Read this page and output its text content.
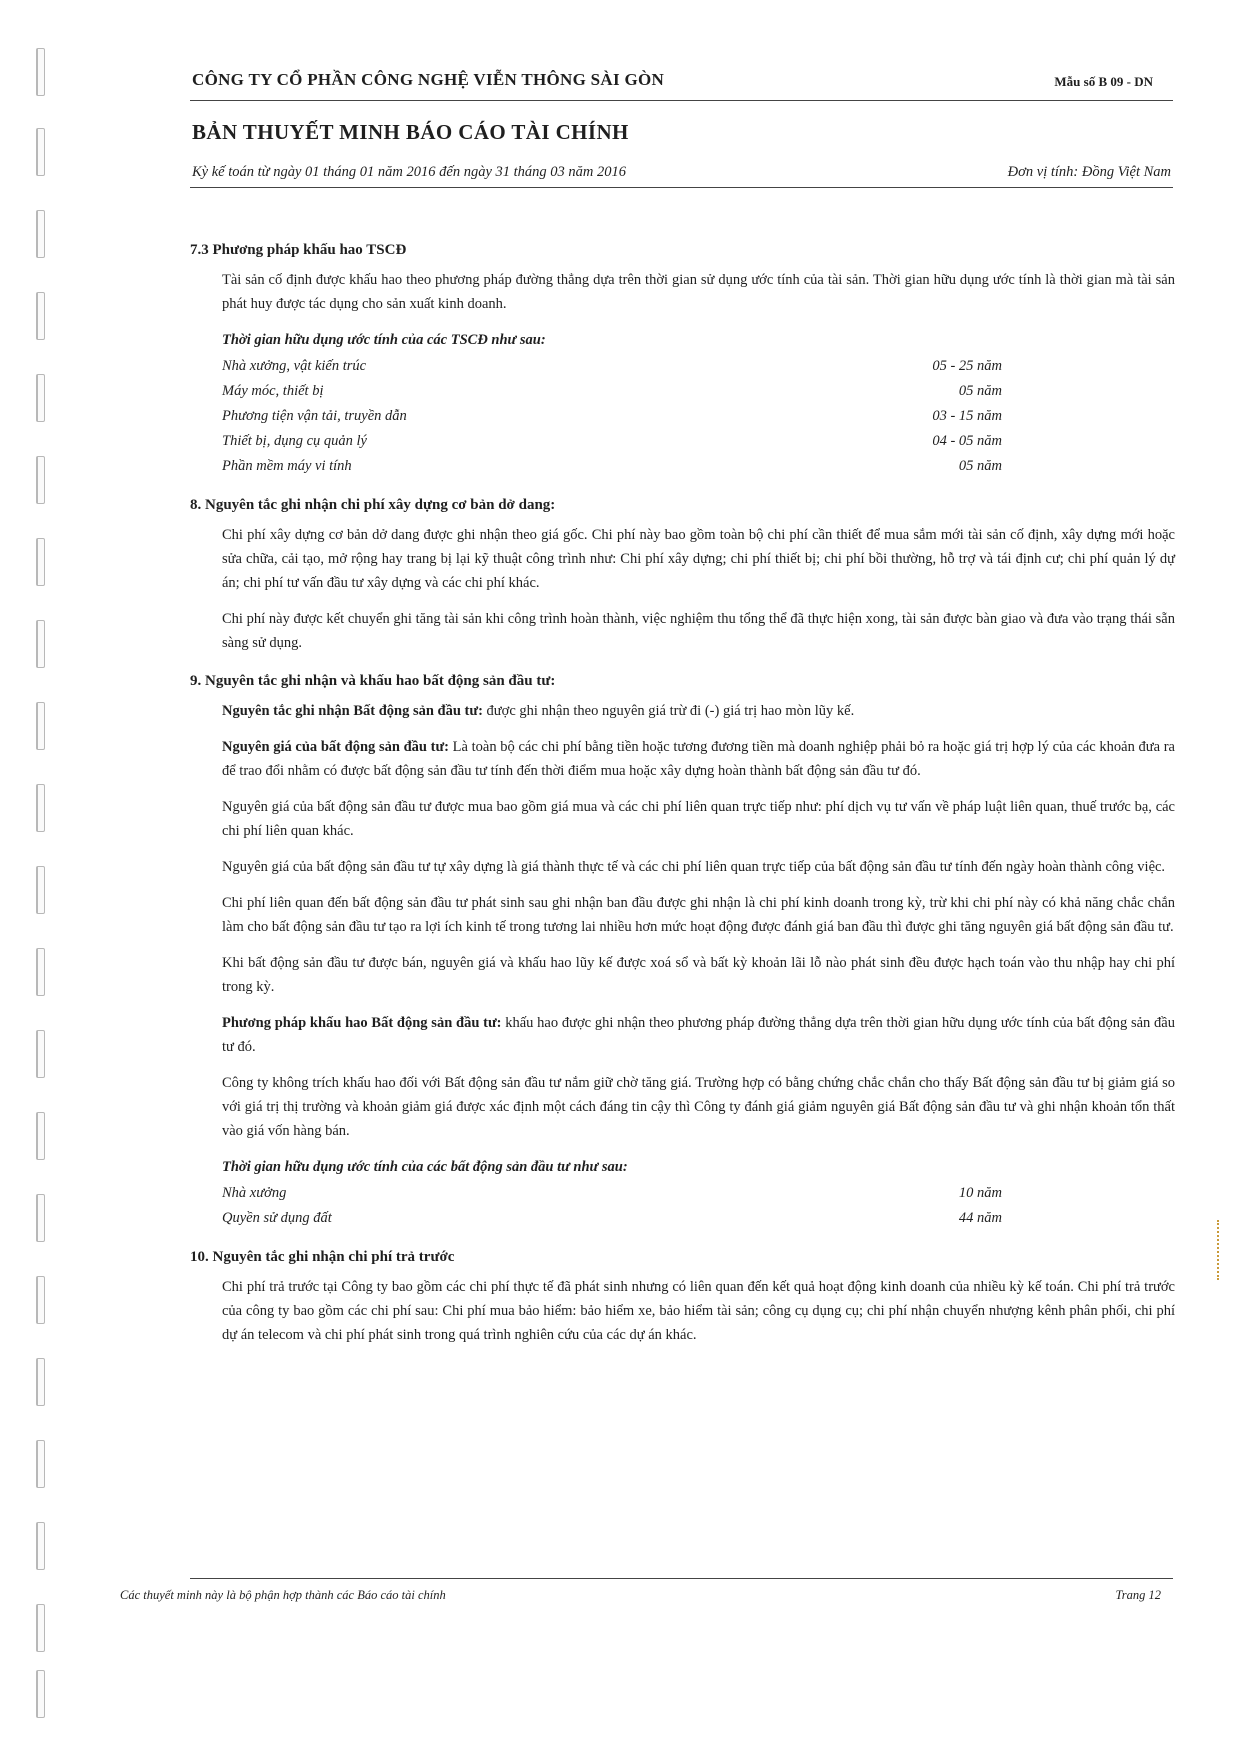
CÔNG TY CỔ PHẦN CÔNG NGHỆ VIỄN THÔNG SÀI GÒN	Mẫu số B 09 - DN
BẢN THUYẾT MINH BÁO CÁO TÀI CHÍNH
Kỳ kế toán từ ngày 01 tháng 01 năm 2016 đến ngày 31 tháng 03 năm 2016	Đơn vị tính: Đồng Việt Nam
7.3 Phương pháp khấu hao TSCĐ
Tài sản cố định được khấu hao theo phương pháp đường thẳng dựa trên thời gian sử dụng ước tính của tài sản. Thời gian hữu dụng ước tính là thời gian mà tài sản phát huy được tác dụng cho sản xuất kinh doanh.
Thời gian hữu dụng ước tính của các TSCĐ như sau:
Nhà xưởng, vật kiến trúc	05 - 25 năm
Máy móc, thiết bị	05 năm
Phương tiện vận tải, truyền dẫn	03 - 15 năm
Thiết bị, dụng cụ quản lý	04 - 05 năm
Phần mềm máy vi tính	05 năm
8. Nguyên tắc ghi nhận chi phí xây dựng cơ bản dở dang:
Chi phí xây dựng cơ bản dở dang được ghi nhận theo giá gốc. Chi phí này bao gồm toàn bộ chi phí cần thiết để mua sắm mới tài sản cố định, xây dựng mới hoặc sửa chữa, cải tạo, mở rộng hay trang bị lại kỹ thuật công trình như: Chi phí xây dựng; chi phí thiết bị; chi phí bồi thường, hỗ trợ và tái định cư; chi phí quản lý dự án; chi phí tư vấn đầu tư xây dựng và các chi phí khác.
Chi phí này được kết chuyển ghi tăng tài sản khi công trình hoàn thành, việc nghiệm thu tổng thể đã thực hiện xong, tài sản được bàn giao và đưa vào trạng thái sẵn sàng sử dụng.
9. Nguyên tắc ghi nhận và khấu hao bất động sản đầu tư:
Nguyên tắc ghi nhận Bất động sản đầu tư: được ghi nhận theo nguyên giá trừ đi (-) giá trị hao mòn lũy kế.
Nguyên giá của bất động sản đầu tư: Là toàn bộ các chi phí bằng tiền hoặc tương đương tiền mà doanh nghiệp phải bỏ ra hoặc giá trị hợp lý của các khoản đưa ra để trao đổi nhằm có được bất động sản đầu tư tính đến thời điểm mua hoặc xây dựng hoàn thành bất động sản đầu tư đó.
Nguyên giá của bất động sản đầu tư được mua bao gồm giá mua và các chi phí liên quan trực tiếp như: phí dịch vụ tư vấn về pháp luật liên quan, thuế trước bạ, các chi phí liên quan khác.
Nguyên giá của bất động sản đầu tư tự xây dựng là giá thành thực tế và các chi phí liên quan trực tiếp của bất động sản đầu tư tính đến ngày hoàn thành công việc.
Chi phí liên quan đến bất động sản đầu tư phát sinh sau ghi nhận ban đầu được ghi nhận là chi phí kinh doanh trong kỳ, trừ khi chi phí này có khả năng chắc chắn làm cho bất động sản đầu tư tạo ra lợi ích kinh tế trong tương lai nhiều hơn mức hoạt động được đánh giá ban đầu thì được ghi tăng nguyên giá bất động sản đầu tư.
Khi bất động sản đầu tư được bán, nguyên giá và khấu hao lũy kế được xoá sổ và bất kỳ khoản lãi lỗ nào phát sinh đều được hạch toán vào thu nhập hay chi phí trong kỳ.
Phương pháp khấu hao Bất động sản đầu tư: khấu hao được ghi nhận theo phương pháp đường thẳng dựa trên thời gian hữu dụng ước tính của bất động sản đầu tư đó.
Công ty không trích khấu hao đối với Bất động sản đầu tư nắm giữ chờ tăng giá. Trường hợp có bằng chứng chắc chắn cho thấy Bất động sản đầu tư bị giảm giá so với giá trị thị trường và khoản giảm giá được xác định một cách đáng tin cậy thì Công ty đánh giá giảm nguyên giá Bất động sản đầu tư và ghi nhận khoản tổn thất vào giá vốn hàng bán.
Thời gian hữu dụng ước tính của các bất động sản đầu tư như sau:
Nhà xưởng	10 năm
Quyền sử dụng đất	44 năm
10. Nguyên tắc ghi nhận chi phí trả trước
Chi phí trả trước tại Công ty bao gồm các chi phí thực tế đã phát sinh nhưng có liên quan đến kết quả hoạt động kinh doanh của nhiều kỳ kế toán. Chi phí trả trước của công ty bao gồm các chi phí sau: Chi phí mua bảo hiểm: bảo hiểm xe, bảo hiểm tài sản; công cụ dụng cụ; chi phí nhận chuyển nhượng kênh phân phối, chi phí dự án telecom và chi phí phát sinh trong quá trình nghiên cứu của các dự án khác.
Các thuyết minh này là bộ phận hợp thành các Báo cáo tài chính	Trang 12
